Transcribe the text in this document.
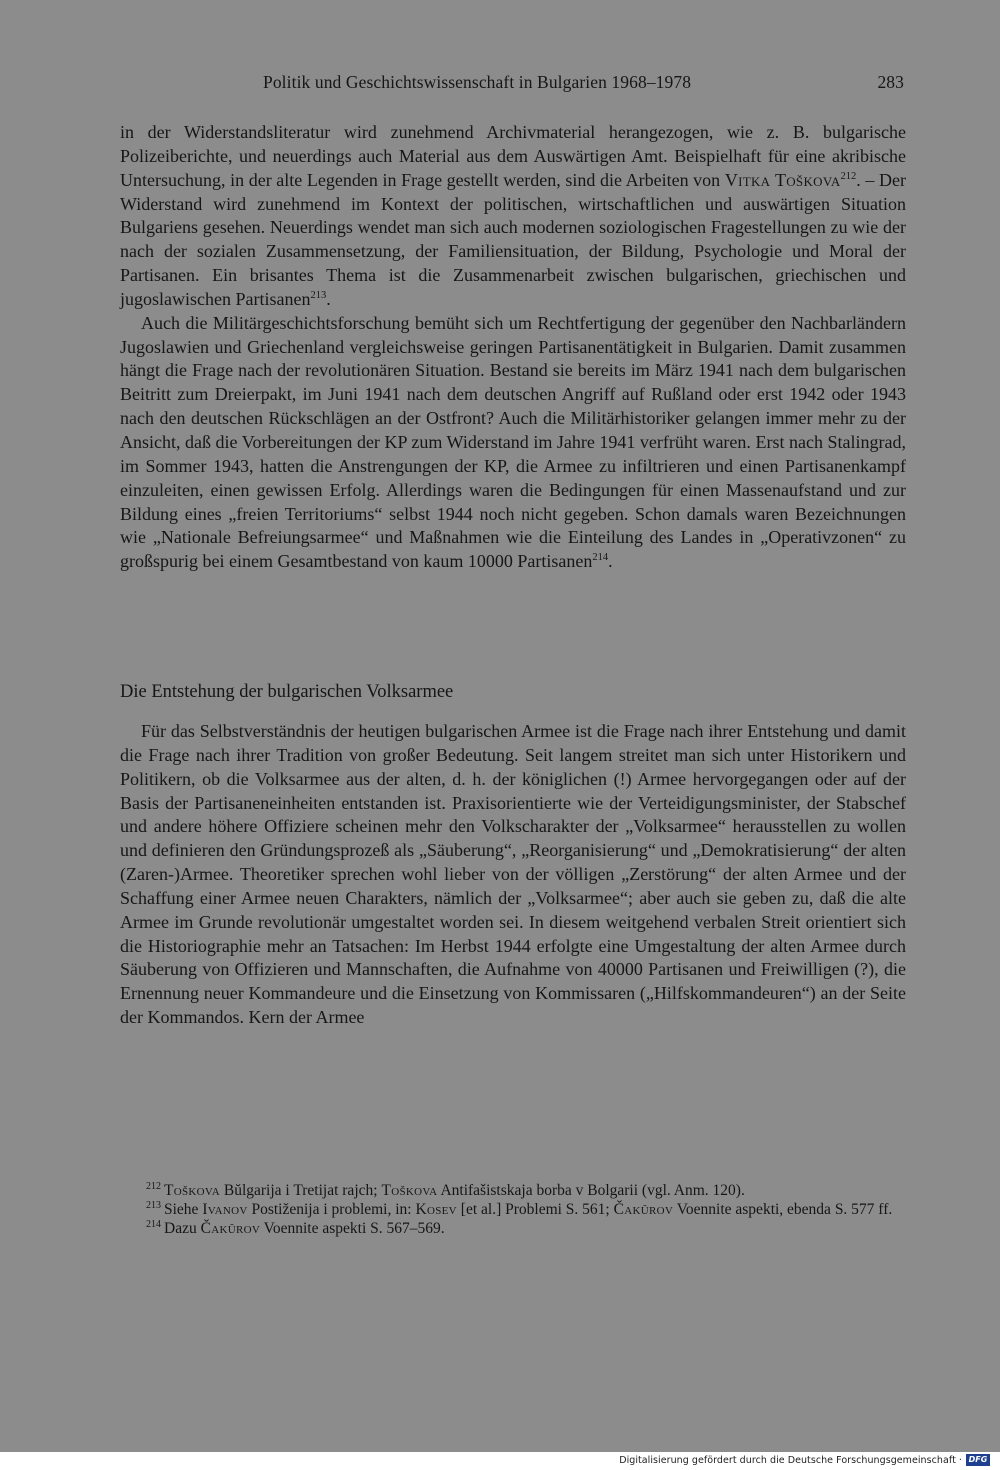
Politik und Geschichtswissenschaft in Bulgarien 1968–1978	283

in der Widerstandsliteratur wird zunehmend Archivmaterial herangezogen, wie z. B. bulgarische Polizeiberichte, und neuerdings auch Material aus dem Auswärtigen Amt. Beispielhaft für eine akribische Untersuchung, in der alte Legenden in Frage gestellt werden, sind die Arbeiten von Vitka Toškova$^{212}$. – Der Widerstand wird zunehmend im Kontext der politischen, wirtschaftlichen und auswärtigen Situation Bulgariens gesehen. Neuerdings wendet man sich auch modernen soziologischen Fragestellungen zu wie der nach der sozialen Zusammensetzung, der Familiensituation, der Bildung, Psychologie und Moral der Partisanen. Ein brisantes Thema ist die Zusammenarbeit zwischen bulgarischen, griechischen und jugoslawischen Partisanen$^{213}$.

Auch die Militärgeschichtsforschung bemüht sich um Rechtfertigung der gegenüber den Nachbarländern Jugoslawien und Griechenland vergleichsweise geringen Partisanentätigkeit in Bulgarien. Damit zusammen hängt die Frage nach der revolutionären Situation. Bestand sie bereits im März 1941 nach dem bulgarischen Beitritt zum Dreierpakt, im Juni 1941 nach dem deutschen Angriff auf Rußland oder erst 1942 oder 1943 nach den deutschen Rückschlägen an der Ostfront? Auch die Militärhistoriker gelangen immer mehr zu der Ansicht, daß die Vorbereitungen der KP zum Widerstand im Jahre 1941 verfrüht waren. Erst nach Stalingrad, im Sommer 1943, hatten die Anstrengungen der KP, die Armee zu infiltrieren und einen Partisanenkampf einzuleiten, einen gewissen Erfolg. Allerdings waren die Bedingungen für einen Massenaufstand und zur Bildung eines „freien Territoriums“ selbst 1944 noch nicht gegeben. Schon damals waren Bezeichnungen wie „Nationale Befreiungsarmee“ und Maßnahmen wie die Einteilung des Landes in „Operativzonen“ zu großspurig bei einem Gesamtbestand von kaum 10000 Partisanen$^{214}$.

Die Entstehung der bulgarischen Volksarmee

Für das Selbstverständnis der heutigen bulgarischen Armee ist die Frage nach ihrer Entstehung und damit die Frage nach ihrer Tradition von großer Bedeutung. Seit langem streitet man sich unter Historikern und Politikern, ob die Volksarmee aus der alten, d. h. der königlichen (!) Armee hervorgegangen oder auf der Basis der Partisaneneinheiten entstanden ist. Praxisorientierte wie der Verteidigungsminister, der Stabschef und andere höhere Offiziere scheinen mehr den Volkscharakter der „Volksarmee“ herausstellen zu wollen und definieren den Gründungsprozeß als „Säuberung“, „Reorganisierung“ und „Demokratisierung“ der alten (Zaren-)Armee. Theoretiker sprechen wohl lieber von der völligen „Zerstörung“ der alten Armee und der Schaffung einer Armee neuen Charakters, nämlich der „Volksarmee“; aber auch sie geben zu, daß die alte Armee im Grunde revolutionär umgestaltet worden sei. In diesem weitgehend verbalen Streit orientiert sich die Historiographie mehr an Tatsachen: Im Herbst 1944 erfolgte eine Umgestaltung der alten Armee durch Säuberung von Offizieren und Mannschaften, die Aufnahme von 40000 Partisanen und Freiwilligen (?), die Ernennung neuer Kommandeure und die Einsetzung von Kommissaren („Hilfskommandeuren“) an der Seite der Kommandos. Kern der Armee

$^{212}$ Toškova Bŭlgarija i Tretijat rajch; Toškova Antifašistskaja borba v Bolgarii (vgl. Anm. 120).

$^{213}$ Siehe Ivanov Postiženija i problemi, in: Kosev [et al.] Problemi S. 561; Čakŭrov Voennite aspekti, ebenda S. 577 ff.

$^{214}$ Dazu Čakŭrov Voennite aspekti S. 567–569.

Digitalisierung gefördert durch die Deutsche Forschungsgemeinschaft · DFG
